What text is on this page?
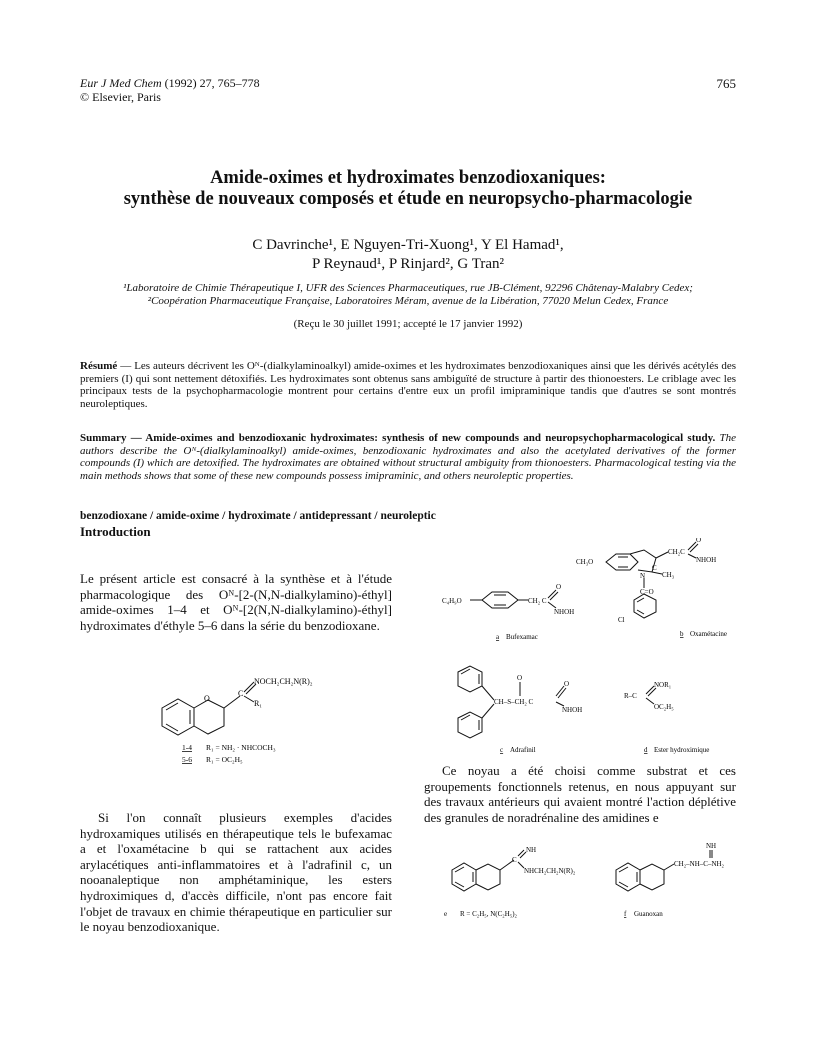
Eur J Med Chem (1992) 27, 765–778
© Elsevier, Paris
765
Amide-oximes et hydroximates benzodioxaniques:
synthèse de nouveaux composés et étude en neuropsycho-pharmacologie
C Davrinche¹, E Nguyen-Tri-Xuong¹, Y El Hamad¹,
P Reynaud¹, P Rinjard², G Tran²
¹Laboratoire de Chimie Thérapeutique I, UFR des Sciences Pharmaceutiques, rue JB-Clément, 92296 Châtenay-Malabry Cedex;
²Coopération Pharmaceutique Française, Laboratoires Méram, avenue de la Libération, 77020 Melun Cedex, France
(Reçu le 30 juillet 1991; accepté le 17 janvier 1992)
Résumé — Les auteurs décrivent les Oᴺ-(dialkylaminoalkyl) amide-oximes et les hydroximates benzodioxaniques ainsi que les dérivés acétylés des premiers (I) qui sont nettement détoxifiés. Les hydroximates sont obtenus sans ambiguïté de structure à partir des thionoesters. Le criblage avec les principaux tests de la psychopharmacologie montrent pour certains d'entre eux un profil imipraminique tandis que d'autres se sont montrés neuroleptiques.
Summary — Amide-oximes and benzodioxanic hydroximates: synthesis of new compounds and neuropsychopharmacological study. The authors describe the Oᴺ-(dialkylaminoalkyl) amide-oximes, benzodioxanic hydroximates and also the acetylated derivatives of the former compounds (I) which are detoxified. The hydroximates are obtained without structural ambiguity from thionoesters. Pharmacological testing via the main methods shows that some of these new compounds possess imipraminic, and others neuroleptic properties.
benzodioxane / amide-oxime / hydroximate / antidepressant / neuroleptic
Introduction
Le présent article est consacré à la synthèse et à l'étude pharmacologique des Oᴺ-[2-(N,N-dialkylamino)-éthyl] amide-oximes 1–4 et Oᴺ-[2(N,N-dialkylamino)-éthyl] hydroximates d'éthyle 5–6 dans la série du benzodioxane.
Si l'on connaît plusieurs exemples d'acides hydroxamiques utilisés en thérapeutique tels le bufexamac a et l'oxamétacine b qui se rattachent aux acides arylacétiques anti-inflammatoires et à l'adrafinil c, un nooanaleptique non amphétaminique, les esters hydroximiques d, d'accès difficile, n'ont pas encore fait l'objet de travaux en chimie thérapeutique en particulier sur le noyau benzodioxanique.
Ce noyau a été choisi comme substrat et ces groupements fonctionnels retenus, en nous appuyant sur des travaux antérieurs qui avaient montré l'action déplétive des granules de noradrénaline des amidines e
O
C
NOCH₂CH₂N(R)₂
R₁
1-4 R₁ = NH₂ · NHCOCH₃
5-6 R₁ = OC₂H₅
C₄H₉O	CH₂ C
O
NHOH
a Bufexamac
CH₃O
CH₂C
O
NHOH
C
CH₃
N
C=O
Cl
b Oxamétacine
CH–S–CH₂ C
O
O
NHOH
c Adrafinil
R–C
NOR₁
OC₂H₅
d Ester hydroximique
C
NH
NHCH₂CH₂N(R)₂
e R = C₂H₅, N(C₂H₅)₂
NH
CH₂–NH–C–NH₂
f Guanoxan
